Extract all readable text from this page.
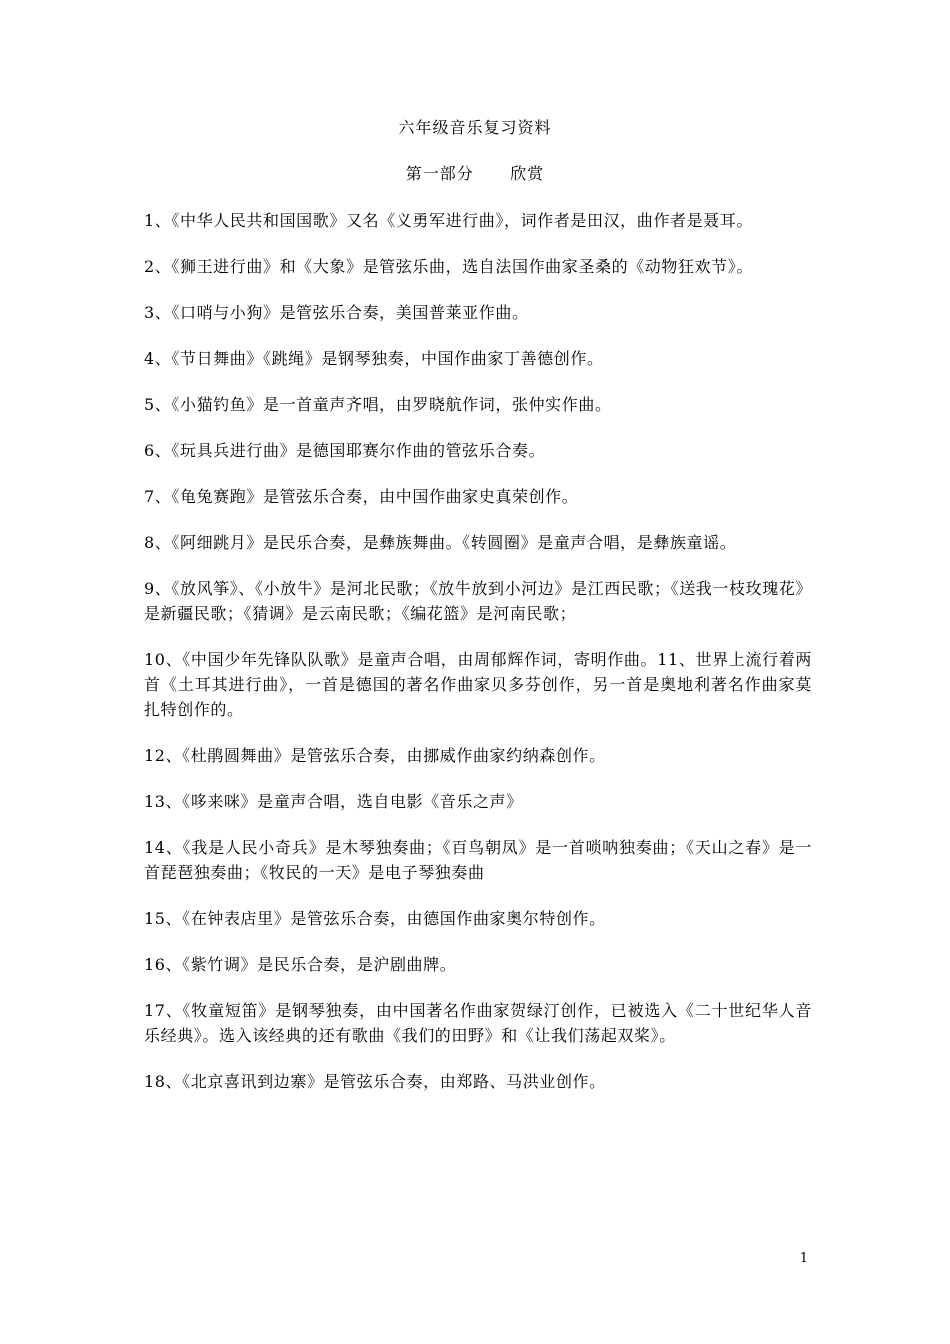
六年级音乐复习资料
第一部分      欣赏

1、《中华人民共和国国歌》又名《义勇军进行曲》，词作者是田汉，曲作者是聂耳。

2、《狮王进行曲》和《大象》是管弦乐曲，选自法国作曲家圣桑的《动物狂欢节》。

3、《口哨与小狗》是管弦乐合奏，美国普莱亚作曲。

4、《节日舞曲》《跳绳》是钢琴独奏，中国作曲家丁善德创作。

5、《小猫钓鱼》是一首童声齐唱，由罗晓航作词，张仲实作曲。

6、《玩具兵进行曲》是德国耶赛尔作曲的管弦乐合奏。

7、《龟兔赛跑》是管弦乐合奏，由中国作曲家史真荣创作。

8、《阿细跳月》是民乐合奏，是彝族舞曲。《转圆圈》是童声合唱，是彝族童谣。

9、《放风筝》、《小放牛》是河北民歌；《放牛放到小河边》是江西民歌；《送我一枝玫瑰花》是新疆民歌；《猜调》是云南民歌；《编花篮》是河南民歌；

10、《中国少年先锋队队歌》是童声合唱，由周郁辉作词，寄明作曲。11、世界上流行着两首《土耳其进行曲》，一首是德国的著名作曲家贝多芬创作，另一首是奥地利著名作曲家莫扎特创作的。

12、《杜鹃圆舞曲》是管弦乐合奏，由挪威作曲家约纳森创作。

13、《哆来咪》是童声合唱，选自电影《音乐之声》

14、《我是人民小奇兵》是木琴独奏曲；《百鸟朝凤》是一首唢呐独奏曲；《天山之春》是一首琵琶独奏曲；《牧民的一天》是电子琴独奏曲

15、《在钟表店里》是管弦乐合奏，由德国作曲家奥尔特创作。

16、《紫竹调》是民乐合奏，是沪剧曲牌。

17、《牧童短笛》是钢琴独奏，由中国著名作曲家贺绿汀创作，已被选入《二十世纪华人音乐经典》。选入该经典的还有歌曲《我们的田野》和《让我们荡起双桨》。

18、《北京喜讯到边寨》是管弦乐合奏，由郑路、马洪业创作。

1
